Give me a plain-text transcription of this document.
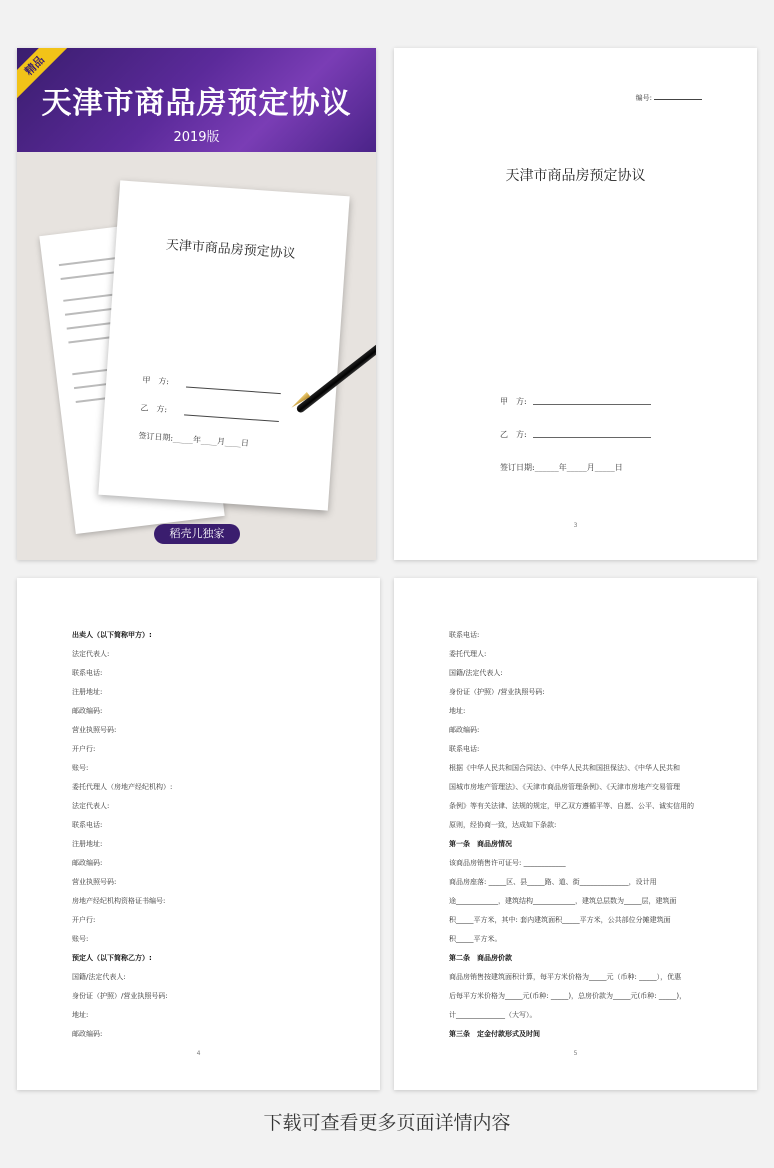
精品
天津市商品房预定协议
2019版
天津市商品房预定协议
甲　方:
乙　方:
签订日期:_____年____月____日
稻壳儿独家
编号:
天津市商品房预定协议
甲　方:
乙　方:
签订日期:______年_____月_____日
3
出卖人（以下简称甲方）:
法定代表人:
联系电话:
注册地址:
邮政编码:
营业执照号码:
开户行:
账号:
委托代理人（房地产经纪机构）:
法定代表人:
联系电话:
注册地址:
邮政编码:
营业执照号码:
房地产经纪机构资格证书编号:
开户行:
账号:
预定人（以下简称乙方）:
国籍/法定代表人:
身份证（护照）/营业执照号码:
地址:
邮政编码:
4
联系电话:
委托代理人:
国籍/法定代表人:
身份证（护照）/营业执照号码:
地址:
邮政编码:
联系电话:
根据《中华人民共和国合同法》、《中华人民共和国担保法》、《中华人民共和
国城市房地产管理法》、《天津市商品房管理条例》、《天津市房地产交易管理
条例》等有关法律、法规的规定，甲乙双方遵循平等、自愿、公平、诚实信用的
原则，经协商一致，达成如下条款:
第一条　商品房情况
该商品房销售许可证号: ____________
商品房座落: _____区、县_____路、道、街______________，设计用
途____________，建筑结构____________，建筑总层数为_____层，建筑面
积_____平方米，其中: 套内建筑面积_____平方米，公共部位分摊建筑面
积_____平方米。
第二条　商品房价款
商品房销售按建筑面积计算，每平方米价格为_____元（币种: _____），优惠
后每平方米价格为_____元(币种: _____)，总房价款为_____元(币种: _____)，
计______________（大写）。
第三条　定金付款形式及时间
5
下载可查看更多页面详情内容
